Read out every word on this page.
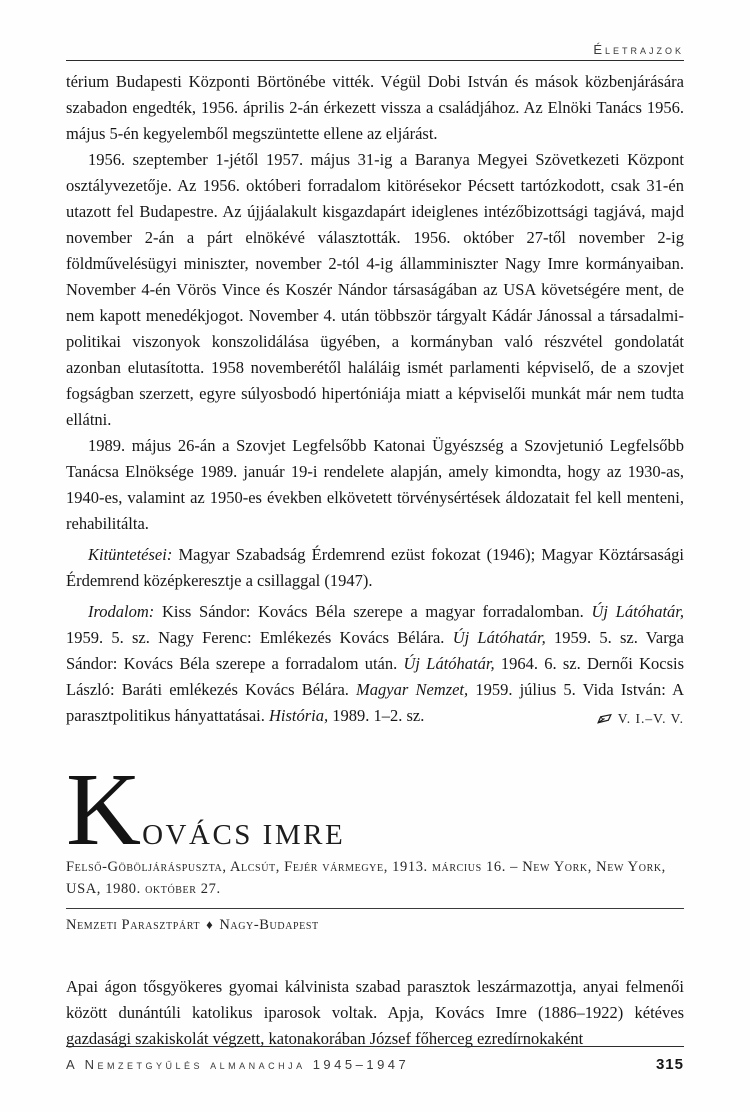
Életrajzok

térium Budapesti Központi Börtönébe vitték. Végül Dobi István és mások közbenjárására szabadon engedték, 1956. április 2-án érkezett vissza a családjához. Az Elnöki Tanács 1956. május 5-én kegyelemből megszüntette ellene az eljárást.

1956. szeptember 1-jétől 1957. május 31-ig a Baranya Megyei Szövetkezeti Központ osztályvezetője. Az 1956. októberi forradalom kitörésekor Pécsett tartózkodott, csak 31-én utazott fel Budapestre. Az újjáalakult kisgazdapárt ideiglenes intézőbizottsági tagjává, majd november 2-án a párt elnökévé választották. 1956. október 27-től november 2-ig földművelésügyi miniszter, november 2-tól 4-ig államminiszter Nagy Imre kormányaiban. November 4-én Vörös Vince és Koszér Nándor társaságában az USA követségére ment, de nem kapott menedékjogot. November 4. után többször tárgyalt Kádár Jánossal a társadalmi-politikai viszonyok konszolidálása ügyében, a kormányban való részvétel gondolatát azonban elutasította. 1958 novemberétől haláláig ismét parlamenti képviselő, de a szovjet fogságban szerzett, egyre súlyosbodó hipertóniája miatt a képviselői munkát már nem tudta ellátni.

1989. május 26-án a Szovjet Legfelsőbb Katonai Ügyészség a Szovjetunió Legfelsőbb Tanácsa Elnöksége 1989. január 19-i rendelete alapján, amely kimondta, hogy az 1930-as, 1940-es, valamint az 1950-es években elkövetett törvénysértések áldozatait fel kell menteni, rehabilitálta.

Kitüntetései: Magyar Szabadság Érdemrend ezüst fokozat (1946); Magyar Köztársasági Érdemrend középkeresztje a csillaggal (1947).

Irodalom: Kiss Sándor: Kovács Béla szerepe a magyar forradalomban. Új Látóhatár, 1959. 5. sz. Nagy Ferenc: Emlékezés Kovács Bélára. Új Látóhatár, 1959. 5. sz. Varga Sándor: Kovács Béla szerepe a forradalom után. Új Látóhatár, 1964. 6. sz. Dernői Kocsis László: Baráti emlékezés Kovács Bélára. Magyar Nemzet, 1959. július 5. Vida István: A parasztpolitikus hányattatásai. História, 1989. 1–2. sz.	V. I.–V. V.
K OVÁCS IMRE
Felső-Göböljáráspuszta, Alcsút, Fejér vármegye, 1913. március 16. – New York, New York, USA, 1980. október 27.
Nemzeti Parasztpárt ♦ Nagy-Budapest

Apai ágon tősgyökeres gyomai kálvinista szabad parasztok leszármazottja, anyai felmenői között dunántúli katolikus iparosok voltak. Apja, Kovács Imre (1886–1922) kétéves gazdasági szakiskolát végzett, katonakorában József főherceg ezredírnokaként

A Nemzetgyűlés almanachja 1945–1947	315
